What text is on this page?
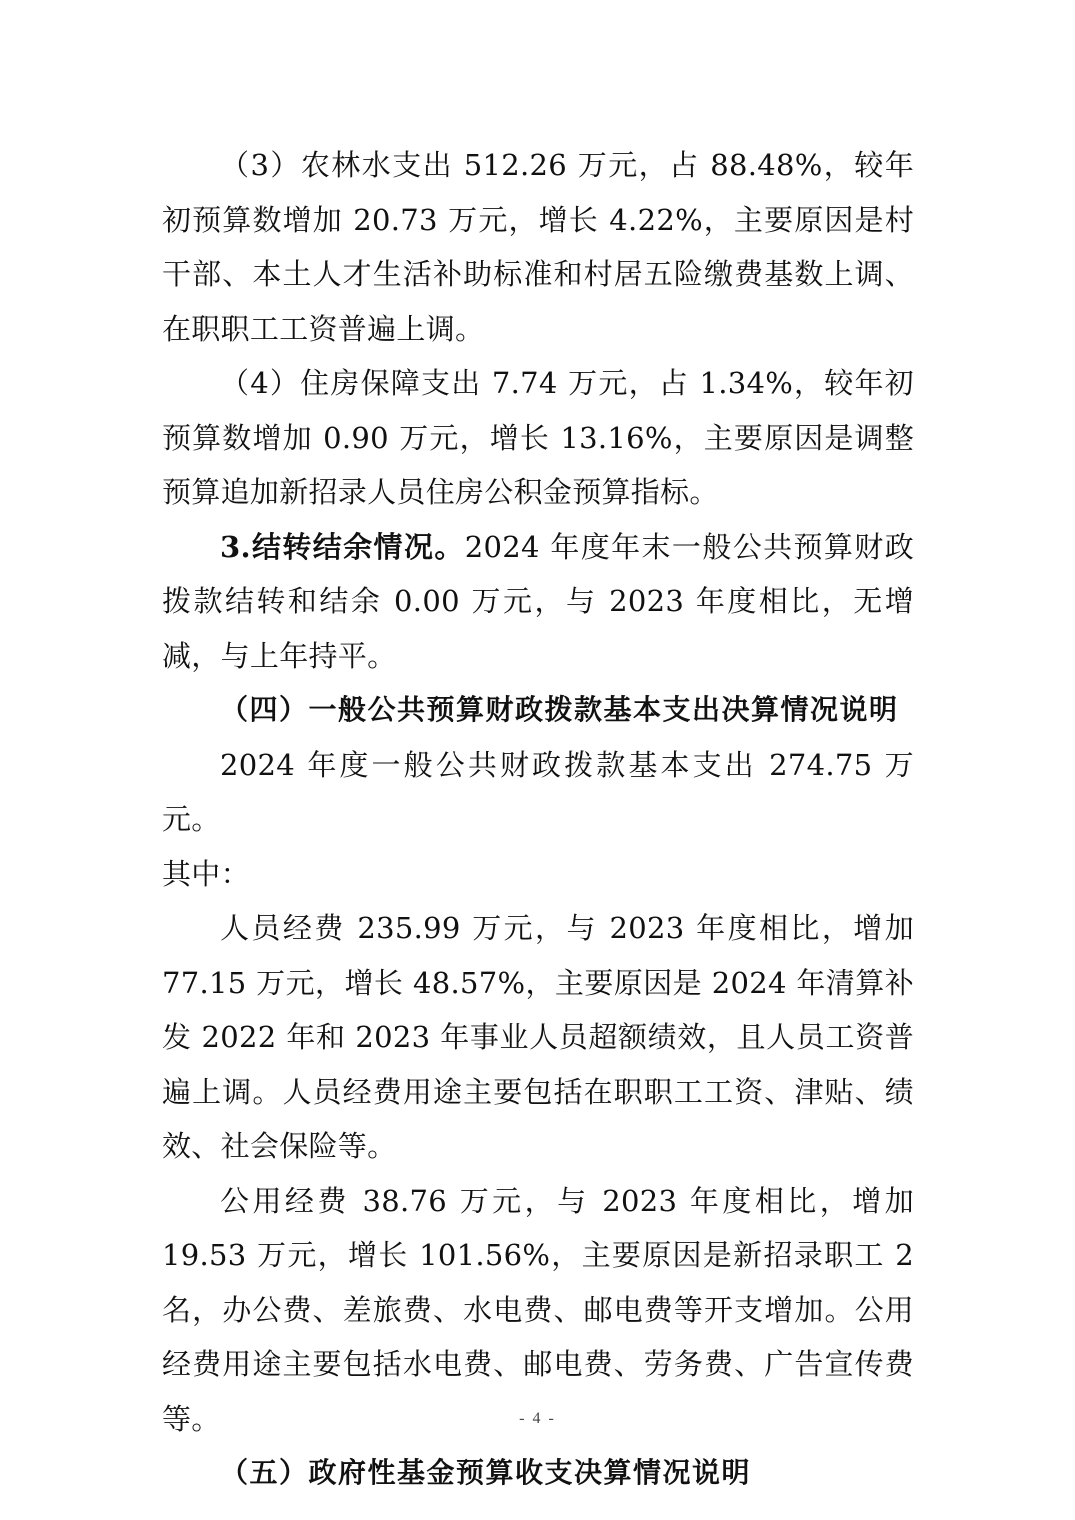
（3）农林水支出 512.26 万元，占 88.48%，较年初预算数增加 20.73 万元，增长 4.22%，主要原因是村干部、本土人才生活补助标准和村居五险缴费基数上调、在职职工工资普遍上调。

（4）住房保障支出 7.74 万元，占 1.34%，较年初预算数增加 0.90 万元，增长 13.16%，主要原因是调整预算追加新招录人员住房公积金预算指标。

3.结转结余情况。2024 年度年末一般公共预算财政拨款结转和结余 0.00 万元，与 2023 年度相比，无增减，与上年持平。

（四）一般公共预算财政拨款基本支出决算情况说明

2024 年度一般公共财政拨款基本支出 274.75 万元。

其中：

人员经费 235.99 万元，与 2023 年度相比，增加 77.15 万元，增长 48.57%，主要原因是 2024 年清算补发 2022 年和 2023 年事业人员超额绩效，且人员工资普遍上调。人员经费用途主要包括在职职工工资、津贴、绩效、社会保险等。

公用经费 38.76 万元，与 2023 年度相比，增加 19.53 万元，增长 101.56%，主要原因是新招录职工 2 名，办公费、差旅费、水电费、邮电费等开支增加。公用经费用途主要包括水电费、邮电费、劳务费、广告宣传费等。

（五）政府性基金预算收支决算情况说明

- 4 -
